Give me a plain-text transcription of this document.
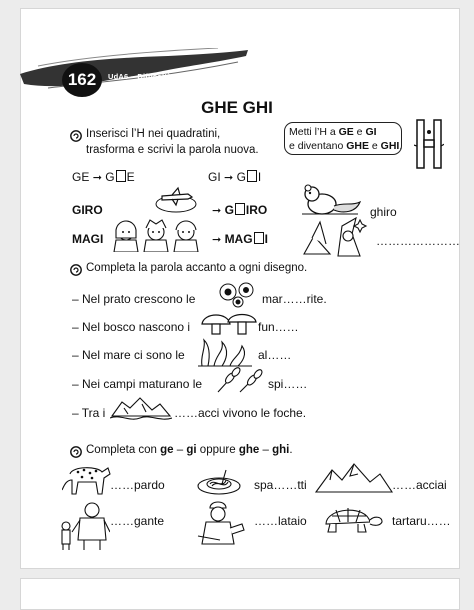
162	UdA6 – Difficoltà ortografiche
GHE GHI
Inserisci l’H nei quadratini,
trasforma e scrivi la parola nuova.
Metti l’H a GE e GI
e diventano GHE e GHI.
GE ➞ G E	GI ➞ G I
GIRO	➞ G IRO	ghiro
MAGI	➞ MAG I	…………………
Completa la parola accanto a ogni disegno.
– Nel prato crescono le	mar……rite.
– Nel bosco nascono i	fun……
– Nel mare ci sono le	al……
– Nei campi maturano le	spi……
– Tra i	……acci vivono le foche.
Completa con ge – gi oppure ghe – ghi.
……pardo	spa……tti	……acciai
……gante	……lataio	tartaru……
